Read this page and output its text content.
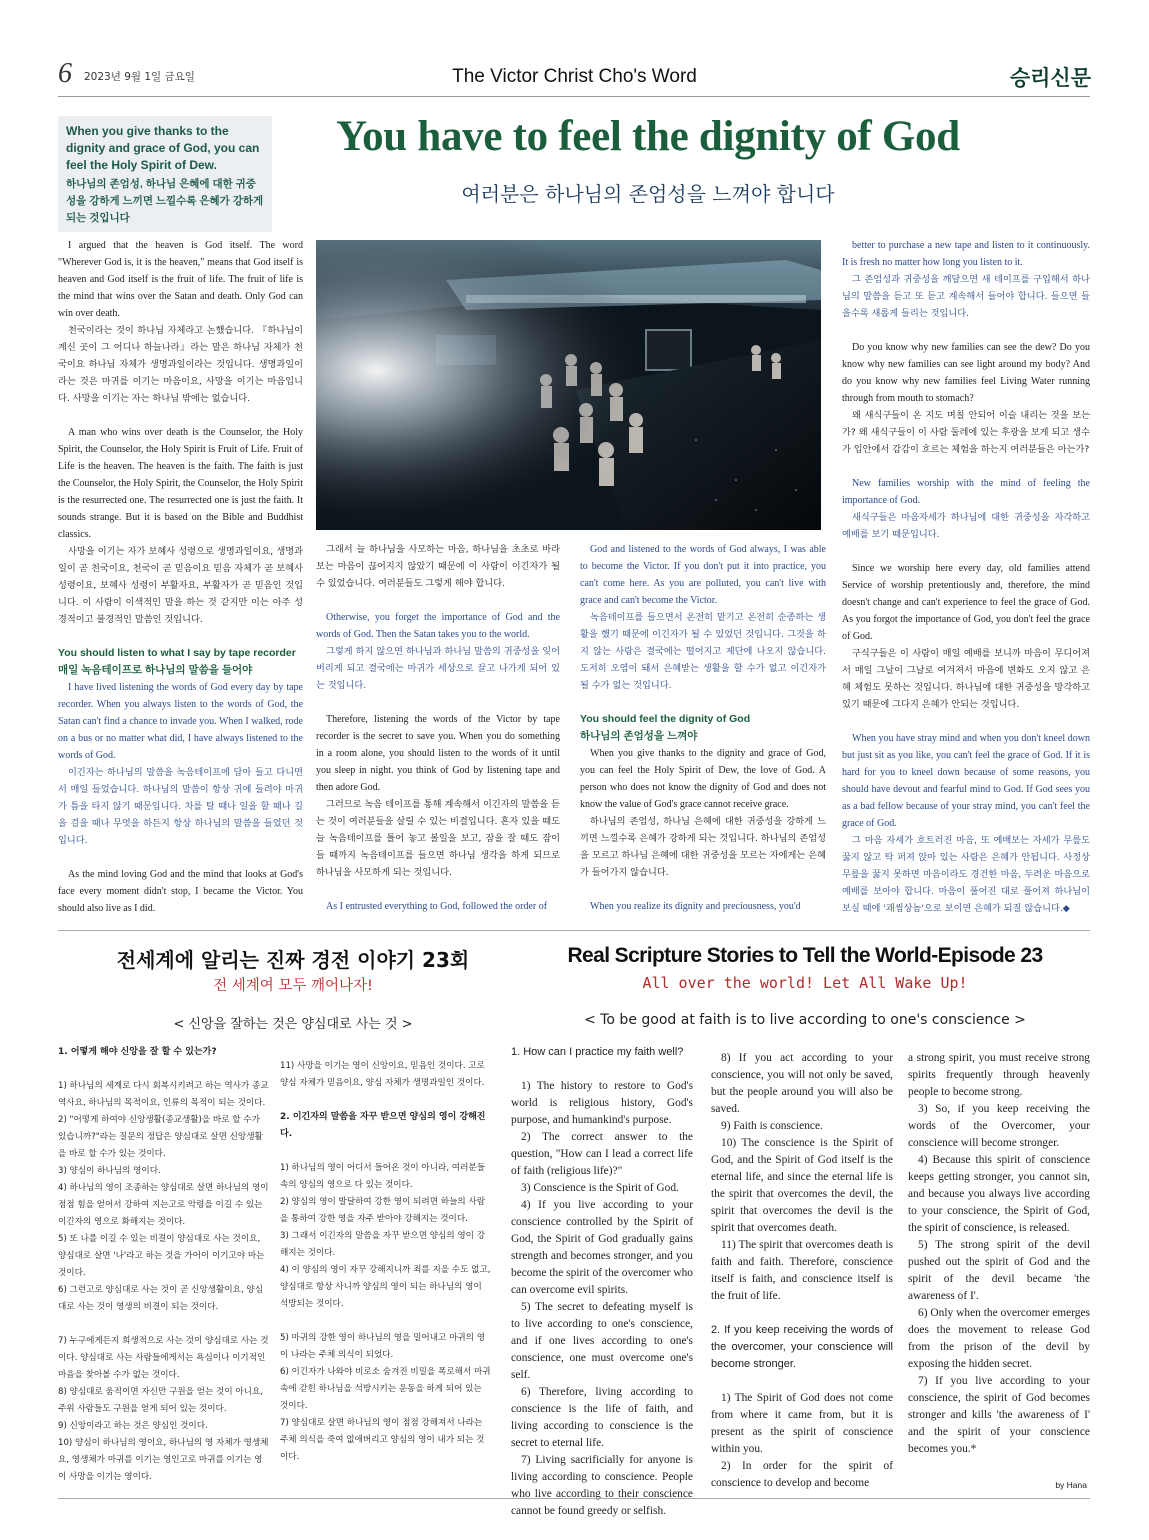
6 2023년 9월 1일 금요일	The Victor Christ Cho's Word	승리신문
When you give thanks to the dignity and grace of God, you can feel the Holy Spirit of Dew.
하나님의 존엄성, 하나님 은혜에 대한 귀중성을 강하게 느끼면 느낄수록 은혜가 강하게 되는 것입니다
You have to feel the dignity of God
여러분은 하나님의 존엄성을 느껴야 합니다

I argued that the heaven is God itself. The word "Wherever God is, it is the heaven," means that God itself is heaven and God itself is the fruit of life. The fruit of life is the mind that wins over the Satan and death. Only God can win over death.

천국이라는 것이 하나님 자체라고 논했습니다. 『하나님이 계신 곳이 그 어디나 하늘나라』라는 말은 하나님 자체가 천국이요 하나님 자체가 생명과일이라는 것입니다. 생명과일이라는 것은 마귀를 이기는 마음이요, 사망을 이기는 마음입니다. 사망을 이기는 자는 하나님 밖에는 없습니다.

A man who wins over death is the Counselor, the Holy Spirit, the Counselor, the Holy Spirit is Fruit of Life. Fruit of Life is the heaven. The heaven is the faith. The faith is just the Counselor, the Holy Spirit, the Counselor, the Holy Spirit is the resurrected one. The resurrected one is just the faith. It sounds strange. But it is based on the Bible and Buddhist classics.

사망을 이기는 자가 보혜사 성령으로 생명과일이요, 생명과일이 곧 천국이요, 천국이 곧 믿음이요 믿음 자체가 곧 보혜사 성령이요, 보혜사 성령이 부활자요, 부활자가 곧 믿음인 것입니다. 이 사람이 이색적인 말을 하는 것 같지만 이는 아주 성경적이고 불경적인 말씀인 것입니다.

You should listen to what I say by tape recorder

매일 녹음테이프로 하나님의 말씀을 들어야

I have lived listening the words of God every day by tape recorder. When you always listen to the words of God, the Satan can't find a chance to invade you. When I walked, rode on a bus or no matter what did, I have always listened to the words of God.

이긴자는 하나님의 말씀을 녹음테이프에 담아 들고 다니면서 매일 들었습니다. 하나님의 말씀이 항상 귀에 들려야 마귀가 틈을 타지 않기 때문입니다. 차를 탈 때나 일을 할 때나 길을 걸을 때나 무엇을 하든지 항상 하나님의 말씀을 들었던 것입니다.

As the mind loving God and the mind that looks at God's face every moment didn't stop, I became the Victor. You should also live as I did.

그래서 늘 하나님을 사모하는 마음, 하나님을 초초로 바라보는 마음이 끊어지지 않았기 때문에 이 사람이 이긴자가 될 수 있었습니다. 여러분들도 그렇게 해야 합니다.

Otherwise, you forget the importance of God and the words of God. Then the Satan takes you to the world.

그렇게 하지 않으면 하나님과 하나님 말씀의 귀중성을 잊어버리게 되고 결국에는 마귀가 세상으로 끌고 나가게 되어 있는 것입니다.

Therefore, listening the words of the Victor by tape recorder is the secret to save you. When you do something in a room alone, you should listen to the words of it until you sleep in night. you think of God by listening tape and then adore God.

그러므로 녹음 테이프를 통해 계속해서 이긴자의 말씀을 듣는 것이 여러분들을 살릴 수 있는 비결입니다. 혼자 있을 때도 늘 녹음테이프를 틀어 놓고 볼일을 보고, 잠을 잘 때도 잠이 들 때까지 녹음테이프를 들으면 하나님 생각을 하게 되므로 하나님을 사모하게 되는 것입니다.

As I entrusted everything to God, followed the order of

God and listened to the words of God always, I was able to become the Victor. If you don't put it into practice, you can't come here. As you are polluted, you can't live with grace and can't become the Victor.

녹음테이프를 들으면서 온전히 맡기고 온전히 순종하는 생활을 했기 때문에 이긴자가 될 수 있었던 것입니다. 그것을 하지 않는 사람은 결국에는 떨어지고 제단에 나오지 않습니다. 도저히 오염이 돼서 은혜받는 생활을 할 수가 없고 이긴자가 될 수가 없는 것입니다.

You should feel the dignity of God

하나님의 존엄성을 느껴야

When you give thanks to the dignity and grace of God, you can feel the Holy Spirit of Dew, the love of God. A person who does not know the dignity of God and does not know the value of God's grace cannot receive grace.

하나님의 존엄성, 하나님 은혜에 대한 귀중성을 강하게 느끼면 느낄수록 은혜가 강하게 되는 것입니다. 하나님의 존엄성을 모르고 하나님 은혜에 대한 귀중성을 모르는 자에게는 은혜가 들어가지 않습니다.

When you realize its dignity and preciousness, you'd

better to purchase a new tape and listen to it continuously. It is fresh no matter how long you listen to it.

그 존엄성과 귀중성을 깨달으면 새 테이프를 구입해서 하나님의 말씀을 듣고 또 듣고 계속해서 들어야 합니다. 들으면 들을수록 새롭게 들리는 것입니다.

Do you know why new families can see the dew? Do you know why new families can see light around my body? And do you know why new families feel Living Water running through from mouth to stomach?

왜 새식구들이 온 지도 며칠 안되어 이슬 내리는 것을 보는가? 왜 새식구들이 이 사람 둘레에 있는 후광을 보게 되고 생수가 입안에서 감감이 흐르는 체험을 하는지 여러분들은 아는가?

New families worship with the mind of feeling the importance of God.

새식구들은 마음자세가 하나님에 대한 귀중성을 자각하고 예배를 보기 때문입니다.

Since we worship here every day, old families attend Service of worship pretentiously and, therefore, the mind doesn't change and can't experience to feel the grace of God. As you forgot the importance of God, you don't feel the grace of God.

구식구들은 이 사람이 매일 예배를 보니까 마음이 무디어져서 매일 그날이 그날로 여겨져서 마음에 변화도 오지 않고 은혜 체험도 못하는 것입니다. 하나님에 대한 귀중성을 망각하고 있기 때문에 그다지 은혜가 안되는 것입니다.

When you have stray mind and when you don't kneel down but just sit as you like, you can't feel the grace of God. If it is hard for you to kneel down because of some reasons, you should have devout and fearful mind to God. If God sees you as a bad fellow because of your stray mind, you can't feel the grace of God.

그 마음 자세가 흐트러진 마음, 또 예배보는 자세가 무릎도 꿇지 않고 탁 퍼져 앉아 있는 사람은 은혜가 안됩니다. 사정상 무릎을 꿇지 못하면 마음이라도 경건한 마음, 두려운 마음으로 예배를 보아야 합니다. 마음이 풀어진 대로 풀어져 하나님이 보실 때에 '괘씸상놈'으로 보이면 은혜가 되질 않습니다.◆

전세계에 알리는 진짜 경전 이야기 23회
전 세계여 모두 깨어나자!
Real Scripture Stories to Tell the World-Episode 23
All over the world! Let All Wake Up!
< 신앙을 잘하는 것은 양심대로 사는 것 >	< To be good at faith is to live according to one's conscience >

1. 어떻게 해야 신앙을 잘 할 수 있는가?

1) 하나님의 세계로 다시 회복시키려고 하는 역사가 종교 역사요, 하나님의 목적이요, 인류의 목적이 되는 것이다.

2) "어떻게 하여야 신앙생활(종교생활)을 바로 할 수가 있습니까?"라는 질문의 정답은 양심대로 살면 신앙생활을 바로 할 수가 있는 것이다.

3) 양심이 하나님의 영이다.

4) 하나님의 영이 조종하는 양심대로 살면 하나님의 영이 점점 힘을 얻어서 강하여 지는고로 악령을 이길 수 있는 이긴자의 영으로 화해지는 것이다.

5) 또 나를 이길 수 있는 비결이 양심대로 사는 것이요, 양심대로 살면 '나'라고 하는 것을 가어이 이기고야 마는 것이다.

6) 그런고로 양심대로 사는 것이 곧 신앙생활이요, 양심대로 사는 것이 영생의 비결이 되는 것이다.

7) 누구에게든지 희생적으로 사는 것이 양심대로 사는 것이다. 양심대로 사는 사람들에게서는 욕심이나 이기적인 마음을 찾아볼 수가 없는 것이다.

8) 양심대로 움직이면 자신만 구원을 얻는 것이 아니요, 주위 사람들도 구원을 얻게 되어 있는 것이다.

9) 신앙이라고 하는 것은 양심인 것이다.

10) 양심이 하나님의 영이요, 하나님의 영 자체가 영생체요, 영생체가 마귀를 이기는 영인고로 마귀를 이기는 영이 사망을 이기는 영이다.

11) 사망을 이기는 영이 신앙이요, 믿음인 것이다. 고로 양심 자체가 믿음이요, 양심 자체가 생명과일인 것이다.

2. 이긴자의 말씀을 자꾸 받으면 양심의 영이 강해진다.

1) 하나님의 영이 어디서 들어온 것이 아니라, 여러분들 속의 양심의 영으로 다 있는 것이다.

2) 양심의 영이 발달하여 강한 영이 되려면 하늘의 사람을 통하여 강한 영을 자주 받아야 강해지는 것이다.

3) 그래서 이긴자의 말씀을 자꾸 받으면 양심의 영이 강해지는 것이다.

4) 이 양심의 영이 자꾸 강해지니까 죄를 지을 수도 없고, 양심대로 항상 사니까 양심의 영이 되는 하나님의 영이 석방되는 것이다.

5) 마귀의 강한 영이 하나님의 영을 밀어내고 마귀의 영이 나라는 주체 의식이 되었다.

6) 이긴자가 나와야 비로소 숨겨진 비밀을 폭로해서 마귀 속에 갇힌 하나님을 석방시키는 운동을 하게 되어 있는 것이다.

7) 양심대로 살면 하나님의 영이 점점 강해져서 나라는 주체 의식을 죽여 없애버리고 양심의 영이 내가 되는 것이다.

1. How can I practice my faith well?

1) The history to restore to God's world is religious history, God's purpose, and humankind's purpose.

2) The correct answer to the question, "How can I lead a correct life of faith (religious life)?"

3) Conscience is the Spirit of God.

4) If you live according to your conscience controlled by the Spirit of God, the Spirit of God gradually gains strength and becomes stronger, and you become the spirit of the overcomer who can overcome evil spirits.

5) The secret to defeating myself is to live according to one's conscience, and if one lives according to one's conscience, one must overcome one's self.

6) Therefore, living according to conscience is the life of faith, and living according to conscience is the secret to eternal life.

7) Living sacrificially for anyone is living according to conscience. People who live according to their conscience cannot be found greedy or selfish.

8) If you act according to your conscience, you will not only be saved, but the people around you will also be saved.

9) Faith is conscience.

10) The conscience is the Spirit of God, and the Spirit of God itself is the eternal life, and since the eternal life is the spirit that overcomes the devil, the spirit that overcomes the devil is the spirit that overcomes death.

11) The spirit that overcomes death is faith and faith. Therefore, conscience itself is faith, and conscience itself is the fruit of life.

2. If you keep receiving the words of the overcomer, your conscience will become stronger.

1) The Spirit of God does not come from where it came from, but it is present as the spirit of conscience within you.

2) In order for the spirit of conscience to develop and become

a strong spirit, you must receive strong spirits frequently through heavenly people to become strong.

3) So, if you keep receiving the words of the Overcomer, your conscience will become stronger.

4) Because this spirit of conscience keeps getting stronger, you cannot sin, and because you always live according to your conscience, the Spirit of God, the spirit of conscience, is released.

5) The strong spirit of the devil pushed out the spirit of God and the spirit of the devil became 'the awareness of I'.

6) Only when the overcomer emerges does the movement to release God from the prison of the devil by exposing the hidden secret.

7) If you live according to your conscience, the spirit of God becomes stronger and kills 'the awareness of I' and the spirit of your conscience becomes you.*

by Hana
